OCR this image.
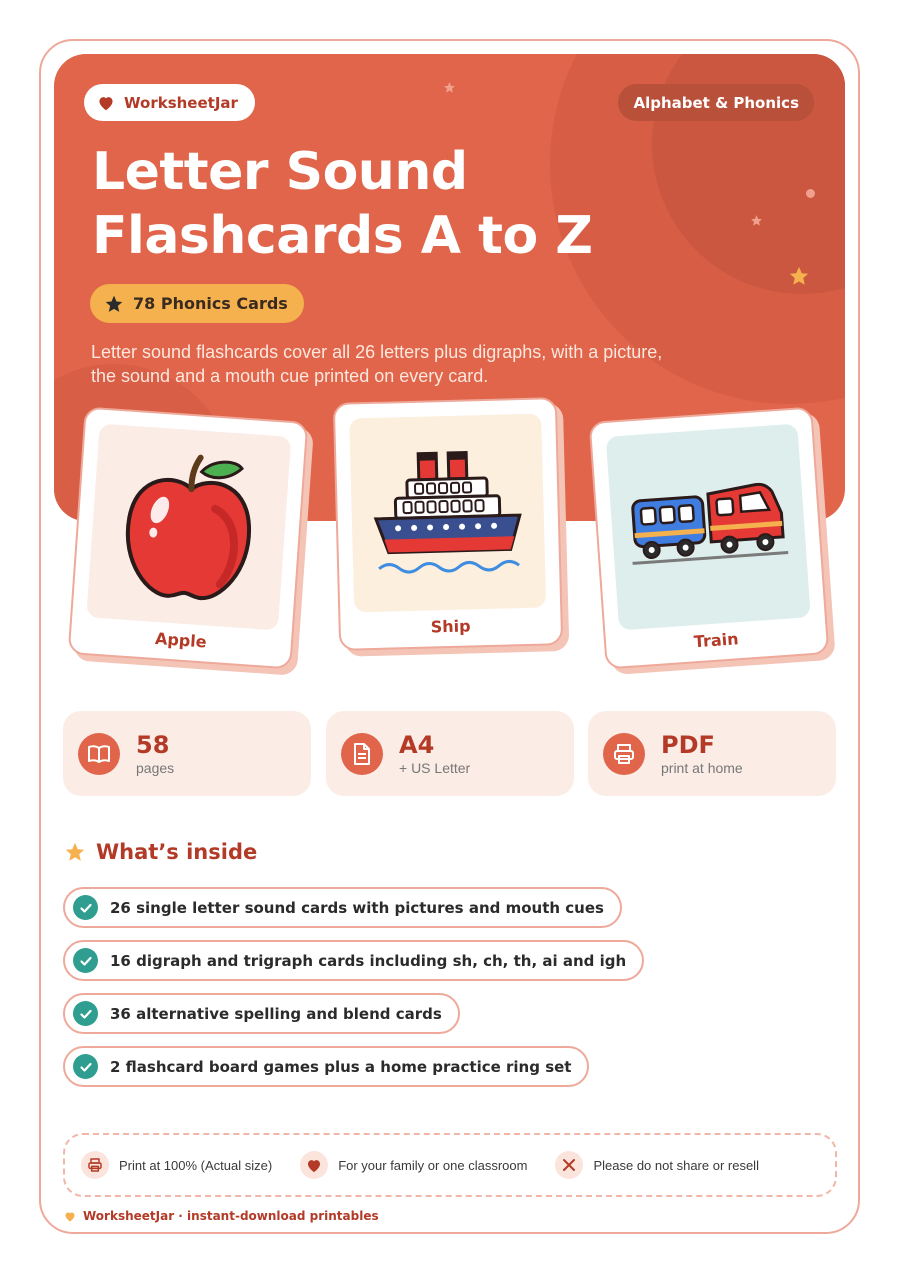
WorksheetJar	Alphabet & Phonics
Letter Sound
Flashcards A to Z
78 Phonics Cards
Letter sound flashcards cover all 26 letters plus digraphs, with a picture, the sound and a mouth cue printed on every card.
Apple
Ship
Train
58
pages
A4
+ US Letter
PDF
print at home
What’s inside
26 single letter sound cards with pictures and mouth cues
16 digraph and trigraph cards including sh, ch, th, ai and igh
36 alternative spelling and blend cards
2 flashcard board games plus a home practice ring set
Print at 100% (Actual size)	For your family or one classroom	Please do not share or resell
WorksheetJar · instant-download printables
